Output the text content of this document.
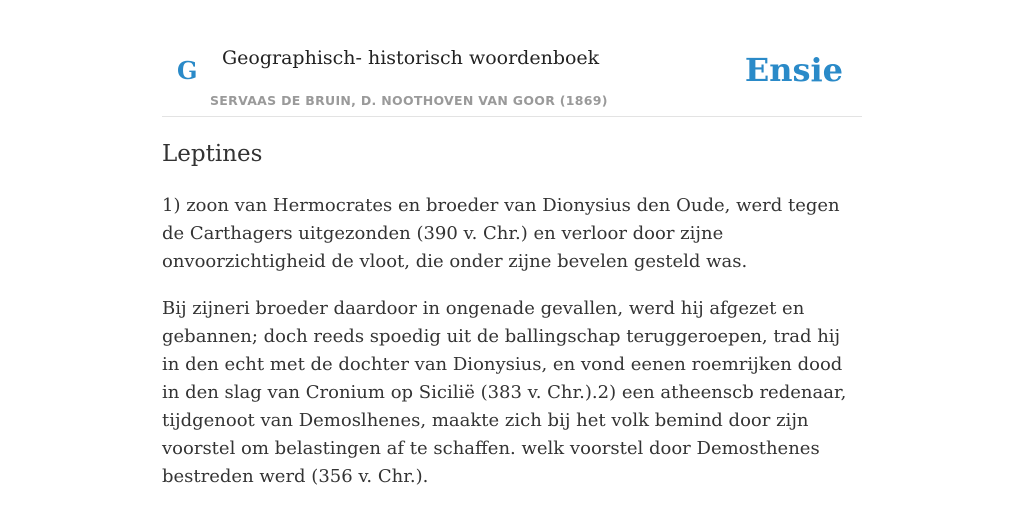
G Geographisch- historisch woordenboek
SERVAAS DE BRUIN, D. NOOTHOVEN VAN GOOR (1869)
Ensie
Leptines

1) zoon van Hermocrates en broeder van Dionysius den Oude, werd tegen de Carthagers uitgezonden (390 v. Chr.) en verloor door zijne onvoorzichtigheid de vloot, die onder zijne bevelen gesteld was.

Bij zijneri broeder daardoor in ongenade gevallen, werd hij afgezet en gebannen; doch reeds spoedig uit de ballingschap teruggeroepen, trad hij in den echt met de dochter van Dionysius, en vond eenen roemrijken dood in den slag van Cronium op Sicilië (383 v. Chr.).2) een atheenscb redenaar, tijdgenoot van Demoslhenes, maakte zich bij het volk bemind door zijn voorstel om belastingen af te schaffen. welk voorstel door Demosthenes bestreden werd (356 v. Chr.).
